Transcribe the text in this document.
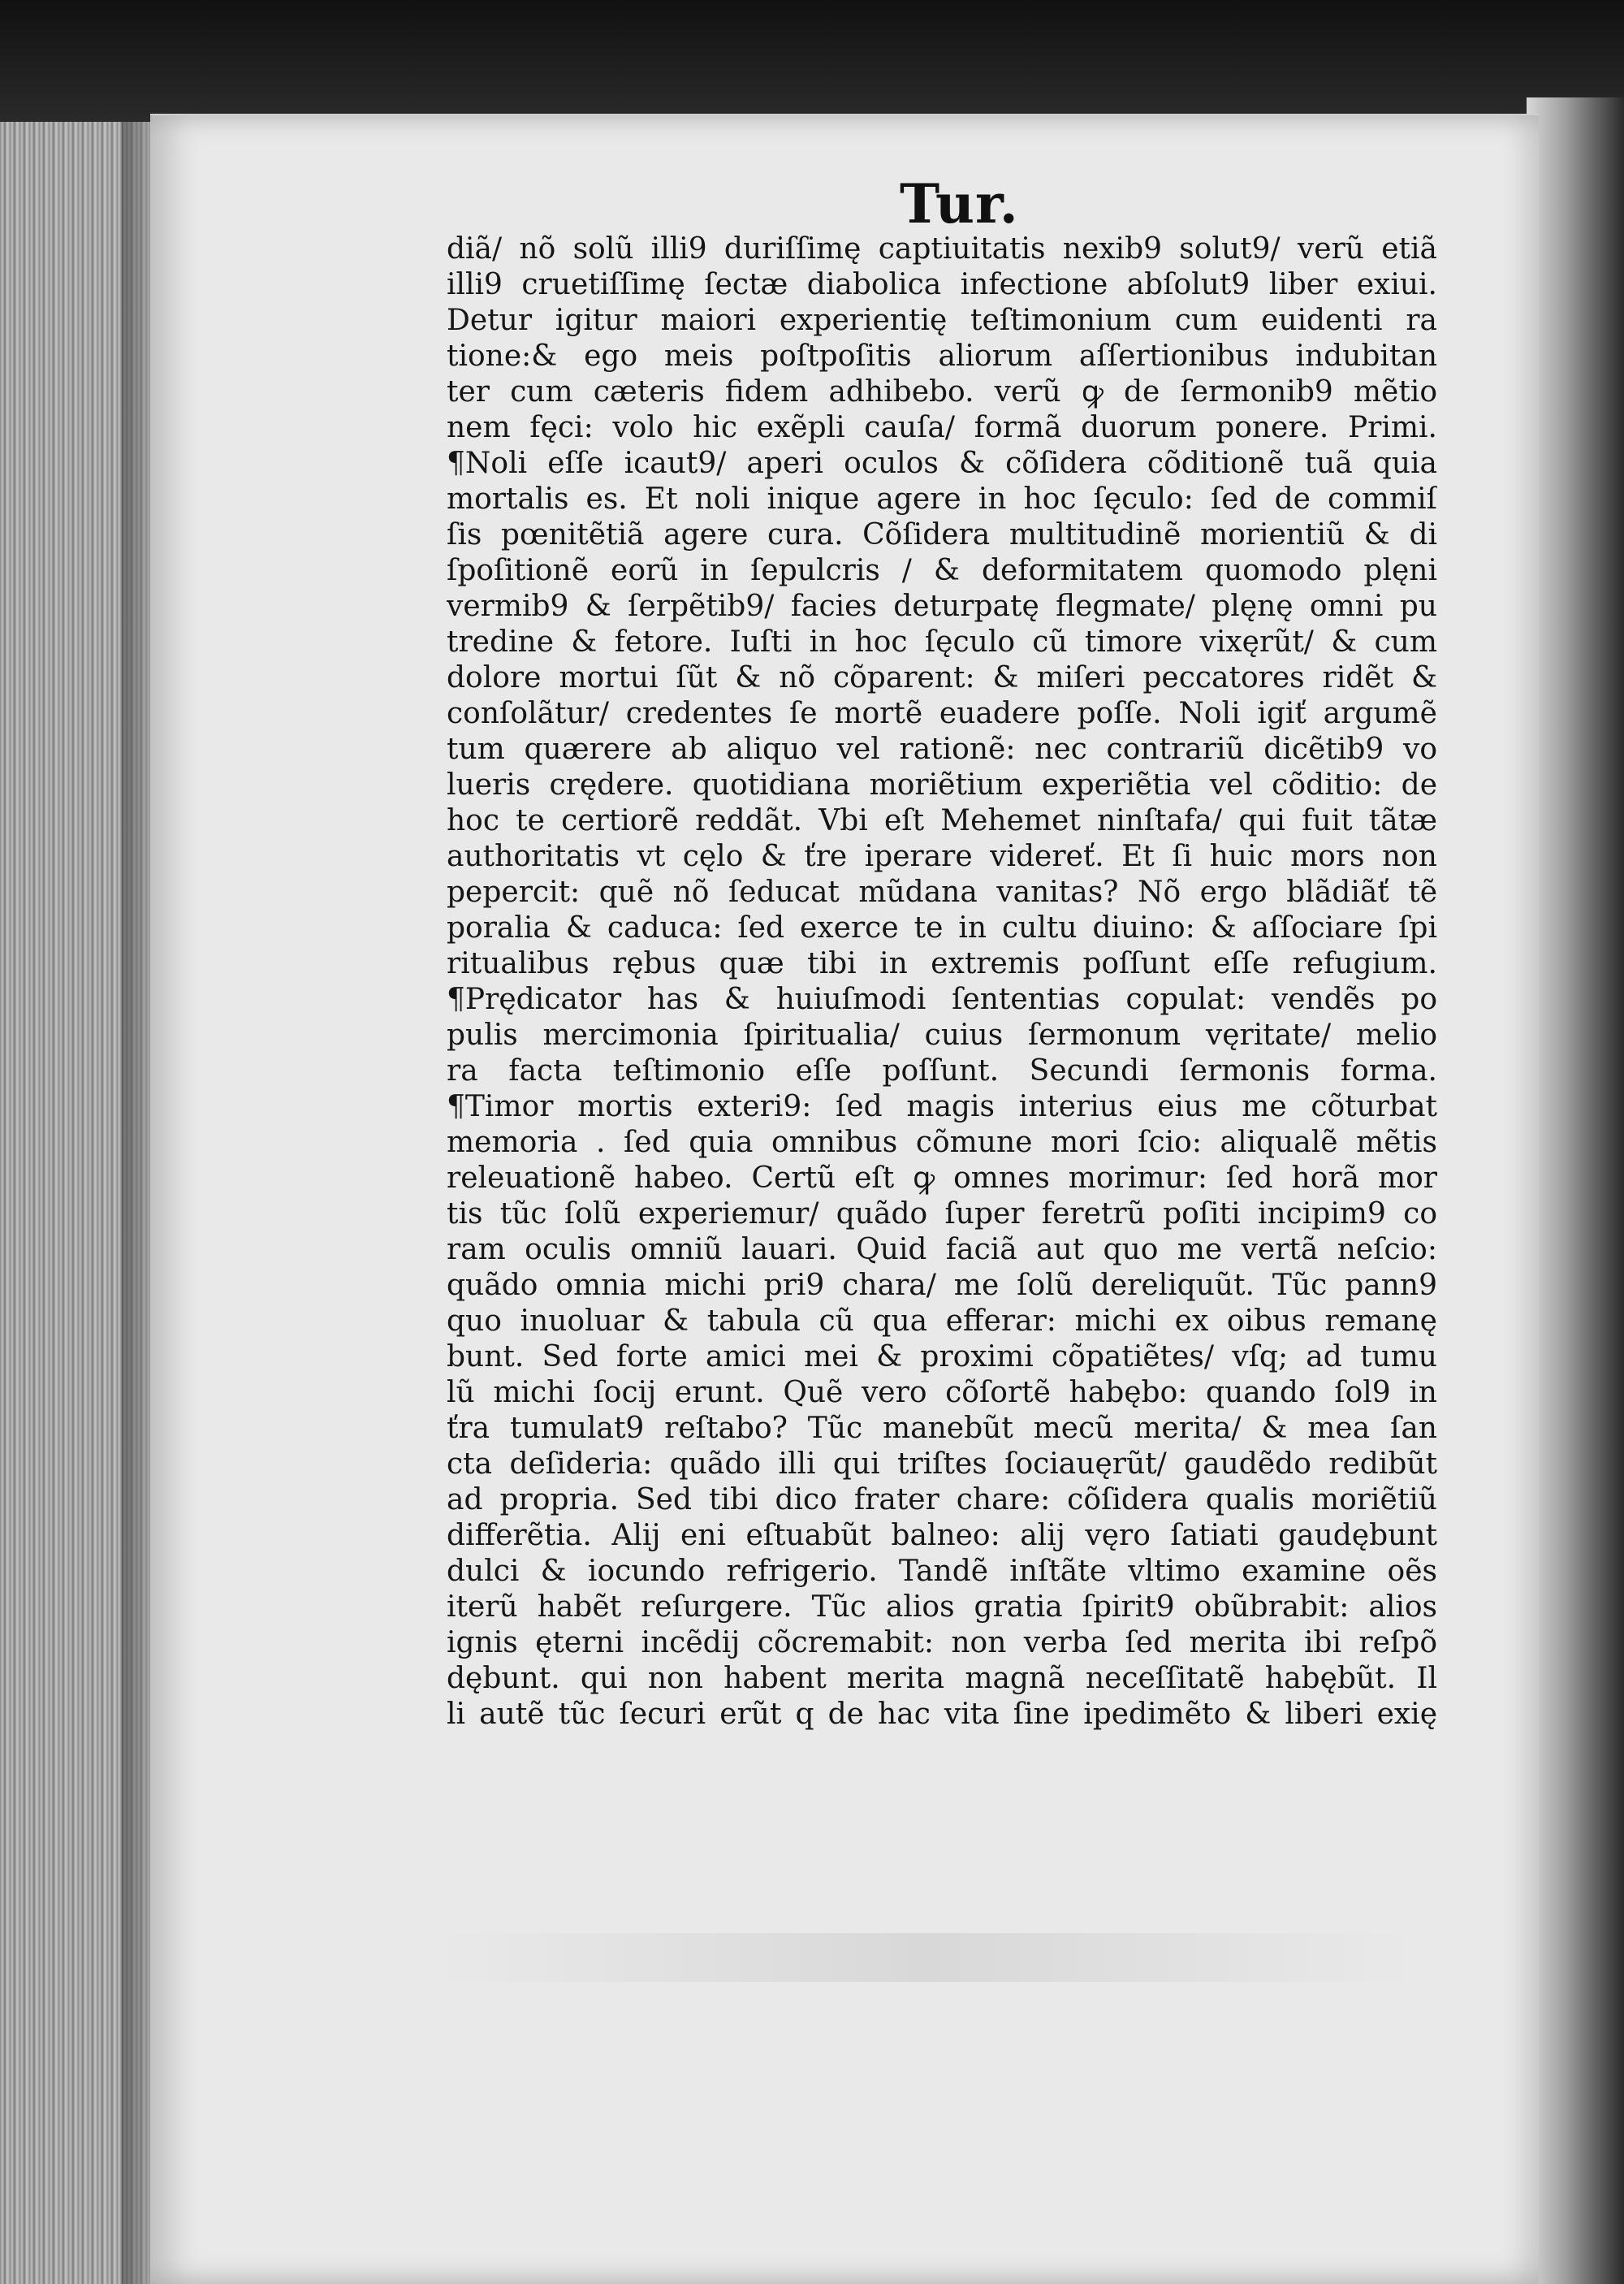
Tur.
diã/ nõ solũ illi9 duriſſimę captiuitatis nexib9 solut9/ verũ etiã
illi9 cruetiſſimę ſectæ diabolica infectione abſolut9 liber exiui.
Detur igitur maiori experientię teſtimonium cum euidenti ra
tione:& ego meis poſtpoſitis aliorum aſſertionibus indubitan
ter cum cæteris fidem adhibebo. verũ ꝙ de ſermonib9 mẽtio
nem fęci: volo hic exẽpli cauſa/ formã duorum ponere. Primi.
¶Noli eſſe icaut9/ aperi oculos & cõſidera cõditionẽ tuã quia
mortalis es. Et noli inique agere in hoc ſęculo: ſed de commiſ
ſis pœnitẽtiã agere cura. Cõſidera multitudinẽ morientiũ & di
ſpoſitionẽ eorũ in ſepulcris / & deformitatem quomodo plęni
vermib9 & ſerpẽtib9/ facies deturpatę flegmate/ plęnę omni pu
tredine & fetore. Iuſti in hoc ſęculo cũ timore vixęrũt/ & cum
dolore mortui ſũt & nõ cõparent: & miſeri peccatores ridẽt &
conſolãtur/ credentes ſe mortẽ euadere poſſe. Noli igiť argumẽ
tum quærere ab aliquo vel rationẽ: nec contrariũ dicẽtib9 vo
lueris crędere. quotidiana moriẽtium experiẽtia vel cõditio: de
hoc te certiorẽ reddãt. Vbi eſt Mehemet ninſtafa/ qui fuit tãtæ
authoritatis vt cęlo & ťre iperare videreť. Et ſi huic mors non
pepercit: quẽ nõ ſeducat mũdana vanitas? Nõ ergo blãdiãť tẽ
poralia & caduca: ſed exerce te in cultu diuino: & aſſociare ſpi
ritualibus rębus quæ tibi in extremis poſſunt eſſe refugium.
¶Prędicator has & huiuſmodi ſententias copulat: vendẽs po
pulis mercimonia ſpiritualia/ cuius ſermonum vęritate/ melio
ra facta teſtimonio eſſe poſſunt. Secundi ſermonis forma.
¶Timor mortis exteri9: ſed magis interius eius me cõturbat
memoria . ſed quia omnibus cõmune mori ſcio: aliqualẽ mẽtis
releuationẽ habeo. Certũ eſt ꝙ omnes morimur: ſed horã mor
tis tũc ſolũ experiemur/ quãdo ſuper feretrũ poſiti incipim9 co
ram oculis omniũ lauari. Quid faciã aut quo me vertã neſcio:
quãdo omnia michi pri9 chara/ me ſolũ dereliquũt. Tũc pann9
quo inuoluar & tabula cũ qua efferar: michi ex oibus remanę
bunt. Sed forte amici mei & proximi cõpatiẽtes/ vſq; ad tumu
lũ michi ſocij erunt. Quẽ vero cõſortẽ habębo: quando ſol9 in
ťra tumulat9 reſtabo? Tũc manebũt mecũ merita/ & mea ſan
cta deſideria: quãdo illi qui triſtes ſociauęrũt/ gaudẽdo redibũt
ad propria. Sed tibi dico frater chare: cõſidera qualis moriẽtiũ
differẽtia. Alij eni eſtuabũt balneo: alij vęro ſatiati gaudębunt
dulci & iocundo refrigerio. Tandẽ inſtãte vltimo examine oẽs
iterũ habẽt reſurgere. Tũc alios gratia ſpirit9 obũbrabit: alios
ignis ęterni incẽdij cõcremabit: non verba ſed merita ibi reſpõ
dębunt. qui non habent merita magnã neceſſitatẽ habębũt. Il
li autẽ tũc ſecuri erũt q de hac vita ſine ipedimẽto & liberi exię
